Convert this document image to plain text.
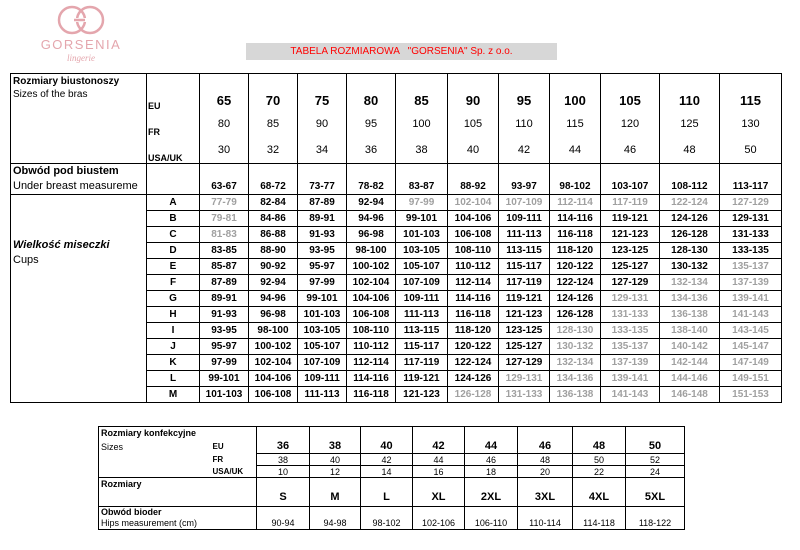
GORSENIA
lingerie
TABELA ROZMIAROWA   "GORSENIA" Sp. z o.o.
Rozmiary biustonoszy												
Sizes of the bras	EU	65	70	75	80	85	90	95	100	105	110	115
	FR	80	85	90	95	100	105	110	115	120	125	130
	USA/UK	30	32	34	36	38	40	42	44	46	48	50
Obwód pod biustem												
Under breast measureme		63-67	68-72	73-77	78-82	83-87	88-92	93-97	98-102	103-107	108-112	113-117

Wielkość miseczki
Cups	A	77-79	82-84	87-89	92-94	97-99	102-104	107-109	112-114	117-119	122-124	127-129
	B	79-81	84-86	89-91	94-96	99-101	104-106	109-111	114-116	119-121	124-126	129-131
	C	81-83	86-88	91-93	96-98	101-103	106-108	111-113	116-118	121-123	126-128	131-133
	D	83-85	88-90	93-95	98-100	103-105	108-110	113-115	118-120	123-125	128-130	133-135
	E	85-87	90-92	95-97	100-102	105-107	110-112	115-117	120-122	125-127	130-132	135-137
	F	87-89	92-94	97-99	102-104	107-109	112-114	117-119	122-124	127-129	132-134	137-139
	G	89-91	94-96	99-101	104-106	109-111	114-116	119-121	124-126	129-131	134-136	139-141
	H	91-93	96-98	101-103	106-108	111-113	116-118	121-123	126-128	131-133	136-138	141-143
	I	93-95	98-100	103-105	108-110	113-115	118-120	123-125	128-130	133-135	138-140	143-145
	J	95-97	100-102	105-107	110-112	115-117	120-122	125-127	130-132	135-137	140-142	145-147
	K	97-99	102-104	107-109	112-114	117-119	122-124	127-129	132-134	137-139	142-144	147-149
	L	99-101	104-106	109-111	114-116	119-121	124-126	129-131	134-136	139-141	144-146	149-151
	M	101-103	106-108	111-113	116-118	121-123	126-128	131-133	136-138	141-143	146-148	151-153
Rozmiary konfekcyjne									
Sizes	EU	36	38	40	42	44	46	48	50
	FR	38	40	42	44	46	48	50	52
	USA/UK	10	12	14	16	18	20	22	24
Rozmiary									
		S	M	L	XL	2XL	3XL	4XL	5XL
Obwód bioder									
Hips measurement (cm)		90-94	94-98	98-102	102-106	106-110	110-114	114-118	118-122
